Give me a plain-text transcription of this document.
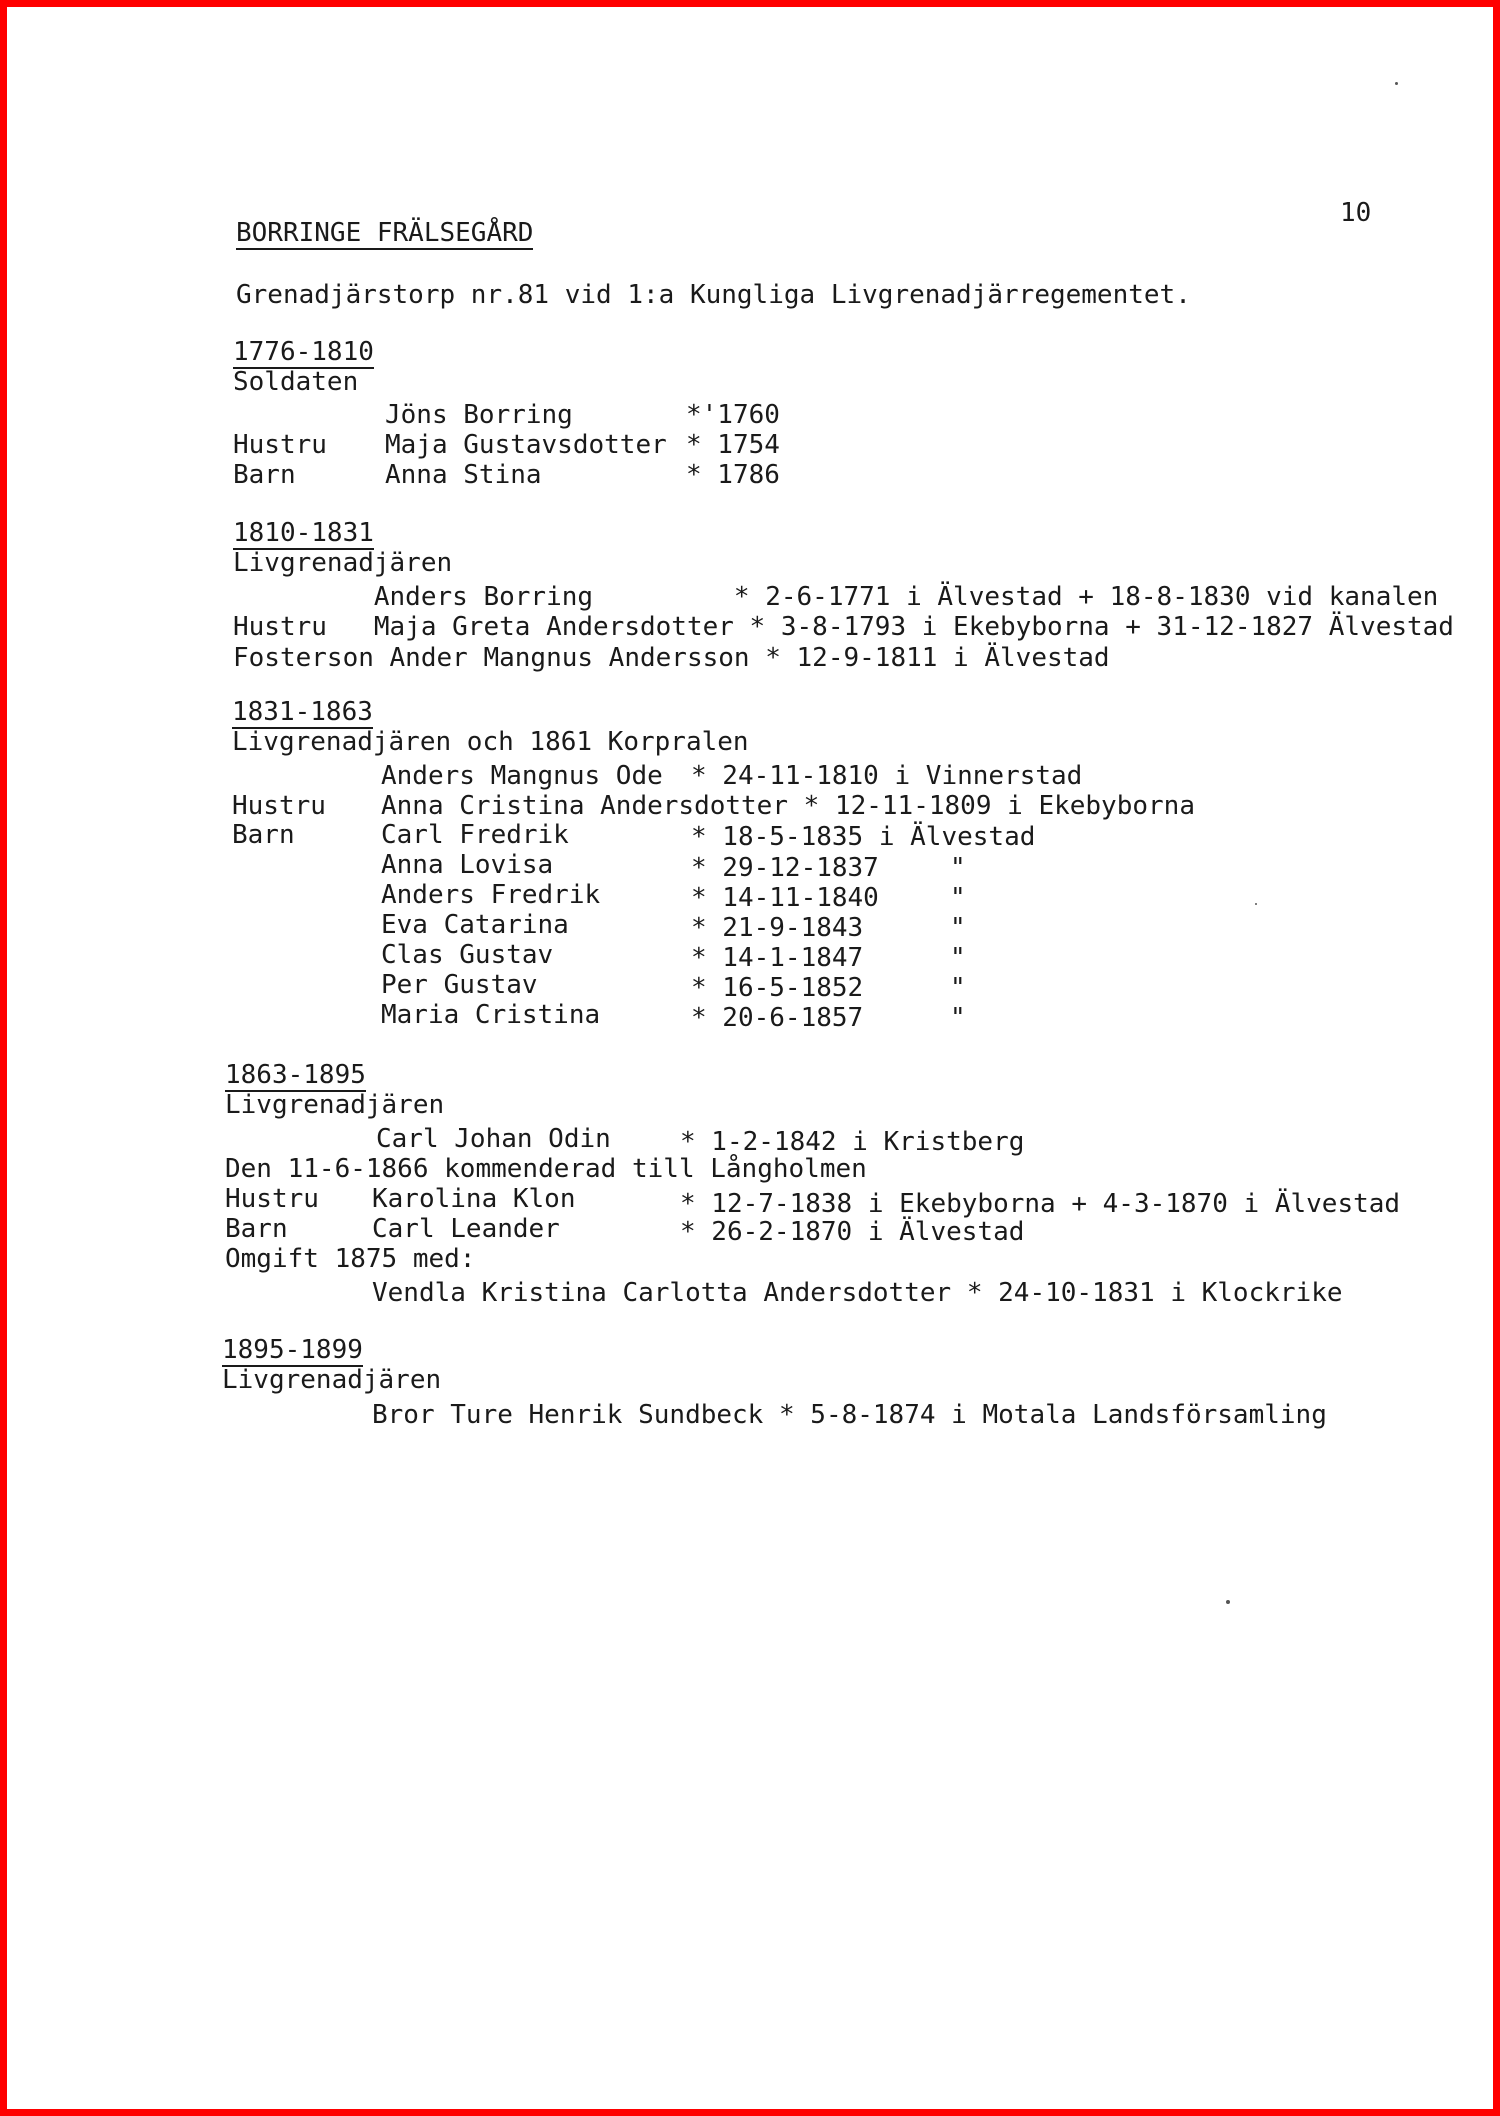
10
BORRINGE FRÄLSEGÅRD
Grenadjärstorp nr.81 vid 1:a Kungliga Livgrenadjärregementet.
1776-1810
Soldaten
Jöns Borring	*'1760
Hustru Maja Gustavsdotter * 1754
Barn	Anna Stina	* 1786
1810-1831
Livgrenadjären
Anders Borring         * 2-6-1771 i Älvestad + 18-8-1830 vid kanalen
Hustru   Maja Greta Andersdotter * 3-8-1793 i Ekebyborna + 31-12-1827 Älvestad
Fosterson Ander Mangnus Andersson * 12-9-1811 i Älvestad
1831-1863
Livgrenadjären och 1861 Korpralen
Anders Mangnus Ode * 24-11-1810 i Vinnerstad
Hustru Anna Cristina Andersdotter * 12-11-1809 i Ekebyborna
Barn	Carl Fredrik	* 18-5-1835 i Älvestad
Anna Lovisa	* 29-12-1837	"
Anders Fredrik	* 14-11-1840	"
Eva Catarina	* 21-9-1843	"
Clas Gustav	* 14-1-1847	"
Per Gustav	* 16-5-1852	"
Maria Cristina	* 20-6-1857	"
1863-1895
Livgrenadjären
Carl Johan Odin	* 1-2-1842 i Kristberg
Den 11-6-1866 kommenderad till Långholmen
Hustru Karolina Klon	* 12-7-1838 i Ekebyborna + 4-3-1870 i Älvestad
Barn	Carl Leander	* 26-2-1870 i Älvestad
Omgift 1875 med:
Vendla Kristina Carlotta Andersdotter * 24-10-1831 i Klockrike
1895-1899
Livgrenadjären
Bror Ture Henrik Sundbeck * 5-8-1874 i Motala Landsförsamling
